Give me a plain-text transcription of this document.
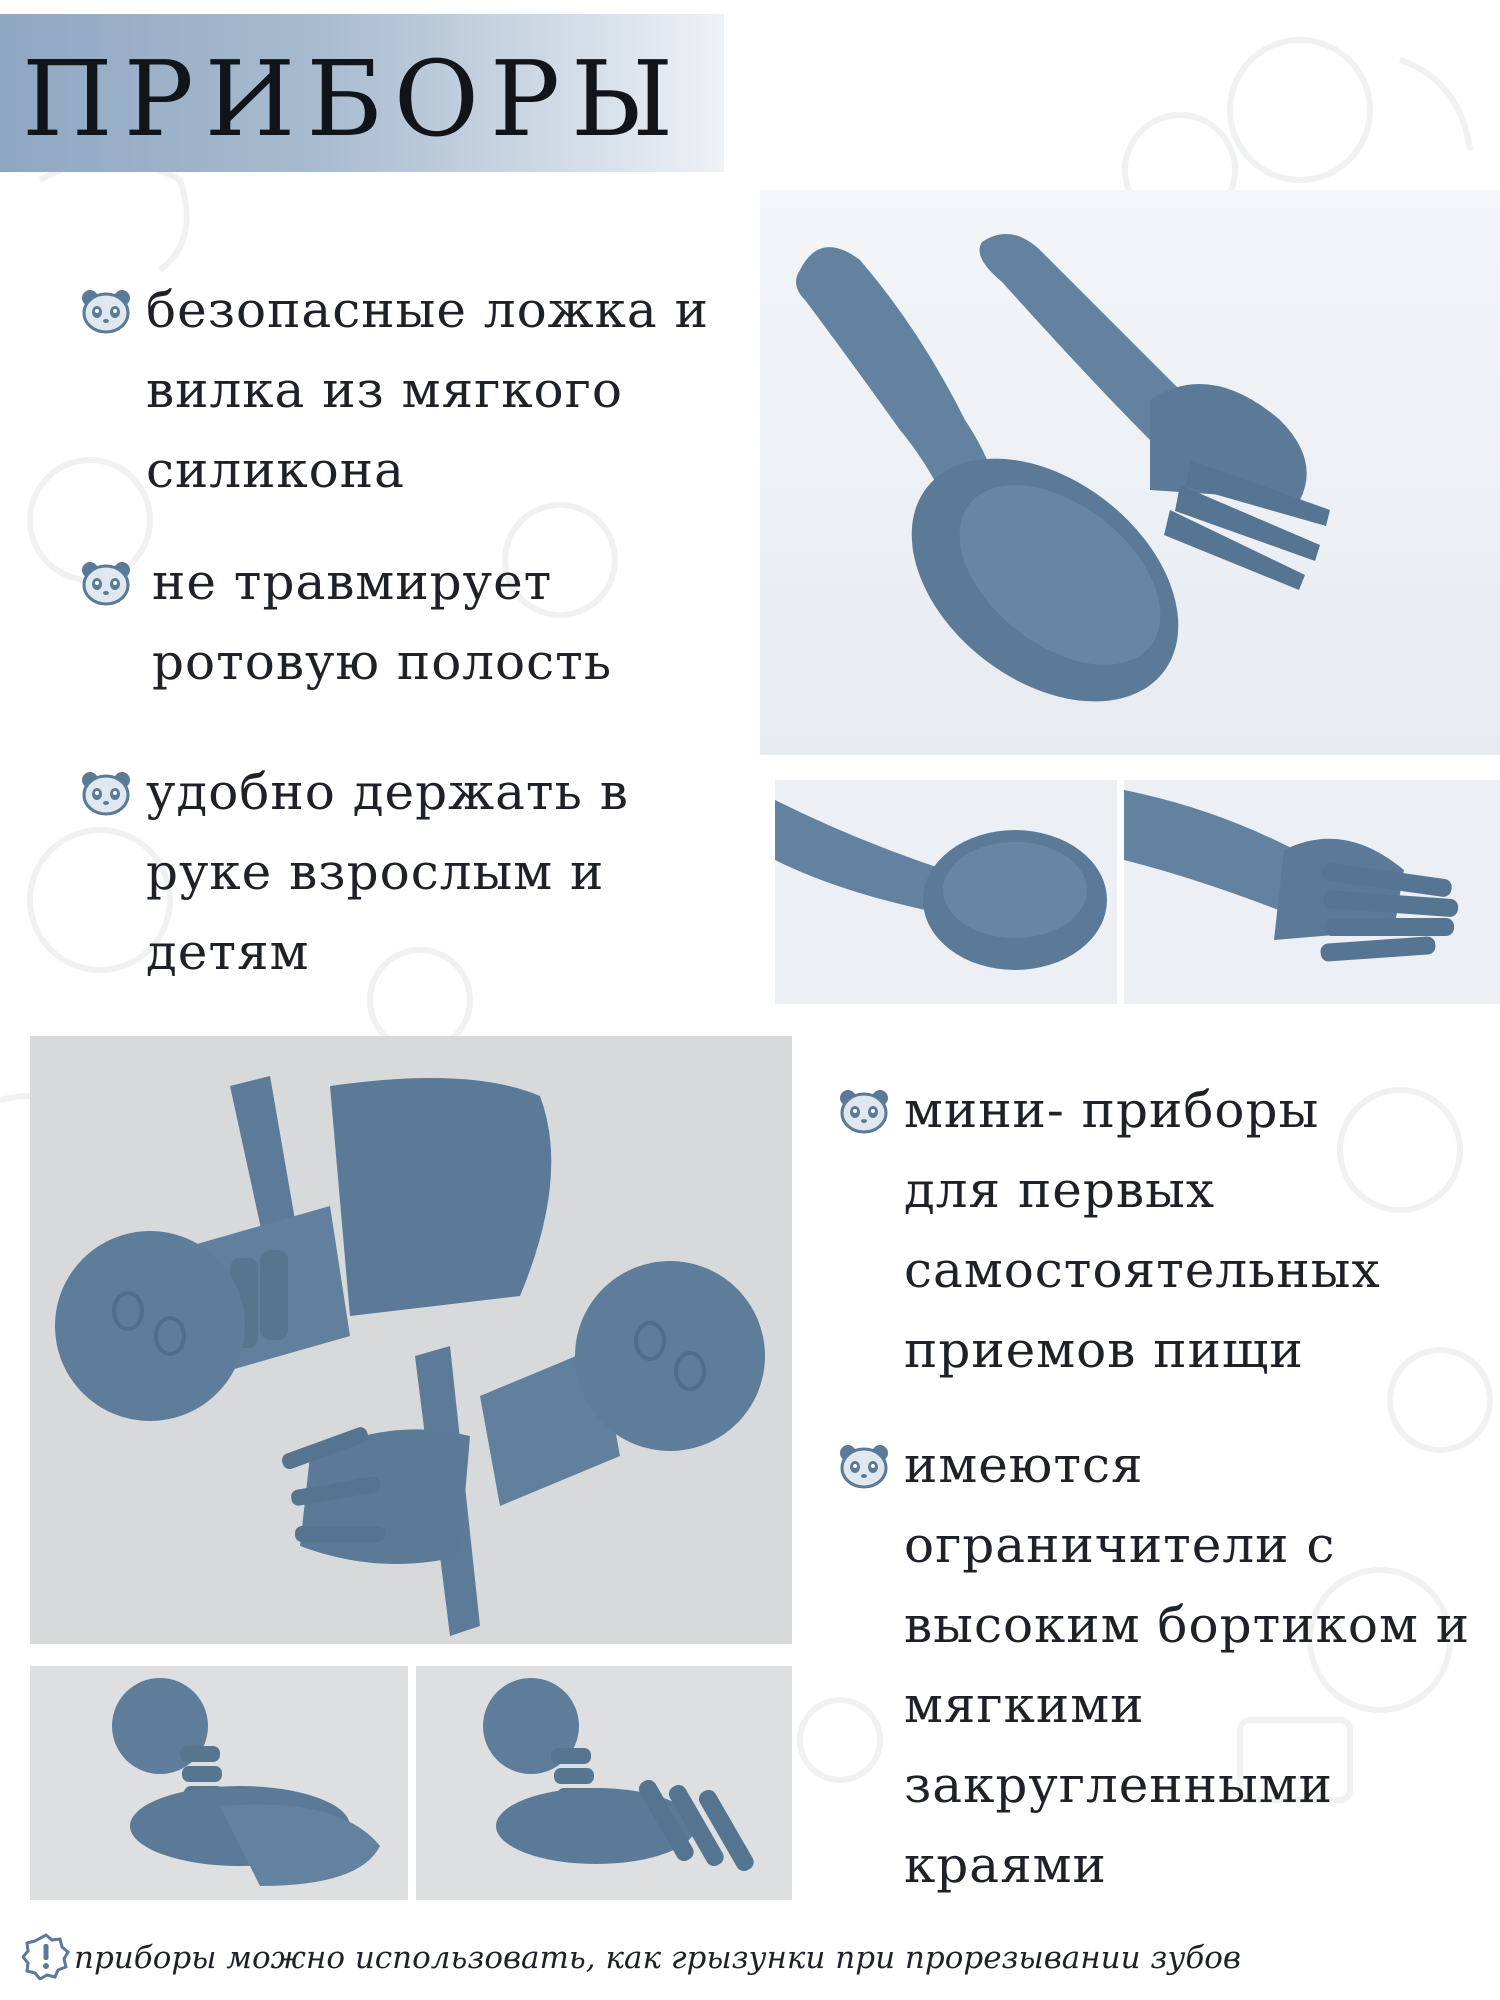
ПРИБОРЫ
безопасные ложка и
вилка из мягкого
силикона
не травмирует
ротовую полость
удобно держать в
руке взрослым и
детям
мини- приборы
для первых
самостоятельных
приемов пищи
имеются
ограничители с
высоким бортиком и
мягкими
закругленными
краями
приборы можно использовать, как грызунки при прорезывании зубов
